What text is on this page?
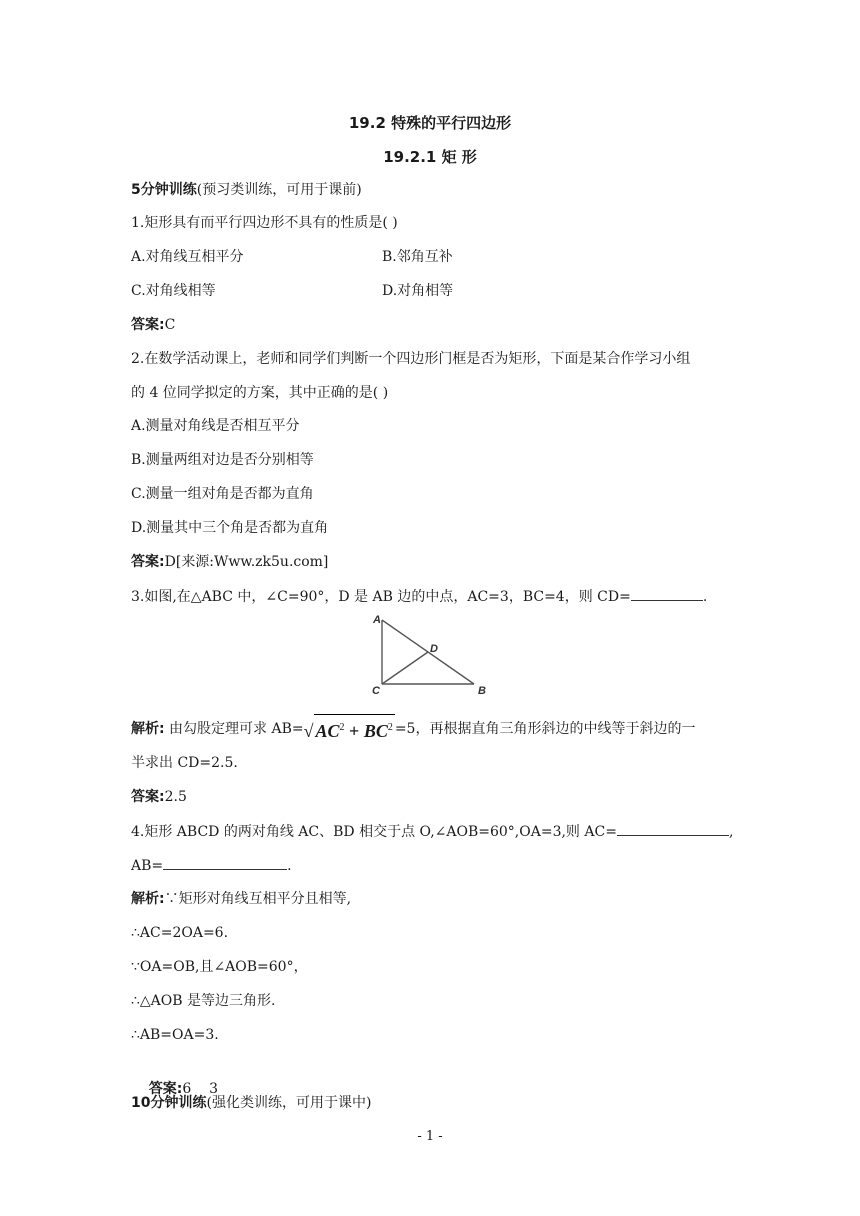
19.2 特殊的平行四边形
19.2.1 矩 形
5分钟训练(预习类训练，可用于课前)
1.矩形具有而平行四边形不具有的性质是( )
A.对角线互相平分	B.邻角互补
C.对角线相等	D.对角相等
答案:C
2.在数学活动课上，老师和同学们判断一个四边形门框是否为矩形，下面是某合作学习小组
的 4 位同学拟定的方案，其中正确的是( )
A.测量对角线是否相互平分
B.测量两组对边是否分别相等
C.测量一组对角是否都为直角
D.测量其中三个角是否都为直角
答案:D[来源:Www.zk5u.com]
3.如图,在△ABC 中，∠C=90°，D 是 AB 边的中点，AC=3，BC=4，则 CD=	.
A
B
C
D
解析: 由勾股定理可求 AB=√ $AC^2 + BC^2 =5$，再根据直角三角形斜边的中线等于斜边的一
半求出 CD=2.5.
答案:2.5
4.矩形 ABCD 的两对角线 AC、BD 相交于点 O,∠AOB=60°,OA=3,则 AC=	,
AB=	.
解析:∵矩形对角线互相平分且相等,
∴AC=2OA=6.
∵OA=OB,且∠AOB=60°，
∴△AOB 是等边三角形.
∴AB=OA=3.

答案:6    3

10分钟训练(强化类训练，可用于课中)
- 1 -
